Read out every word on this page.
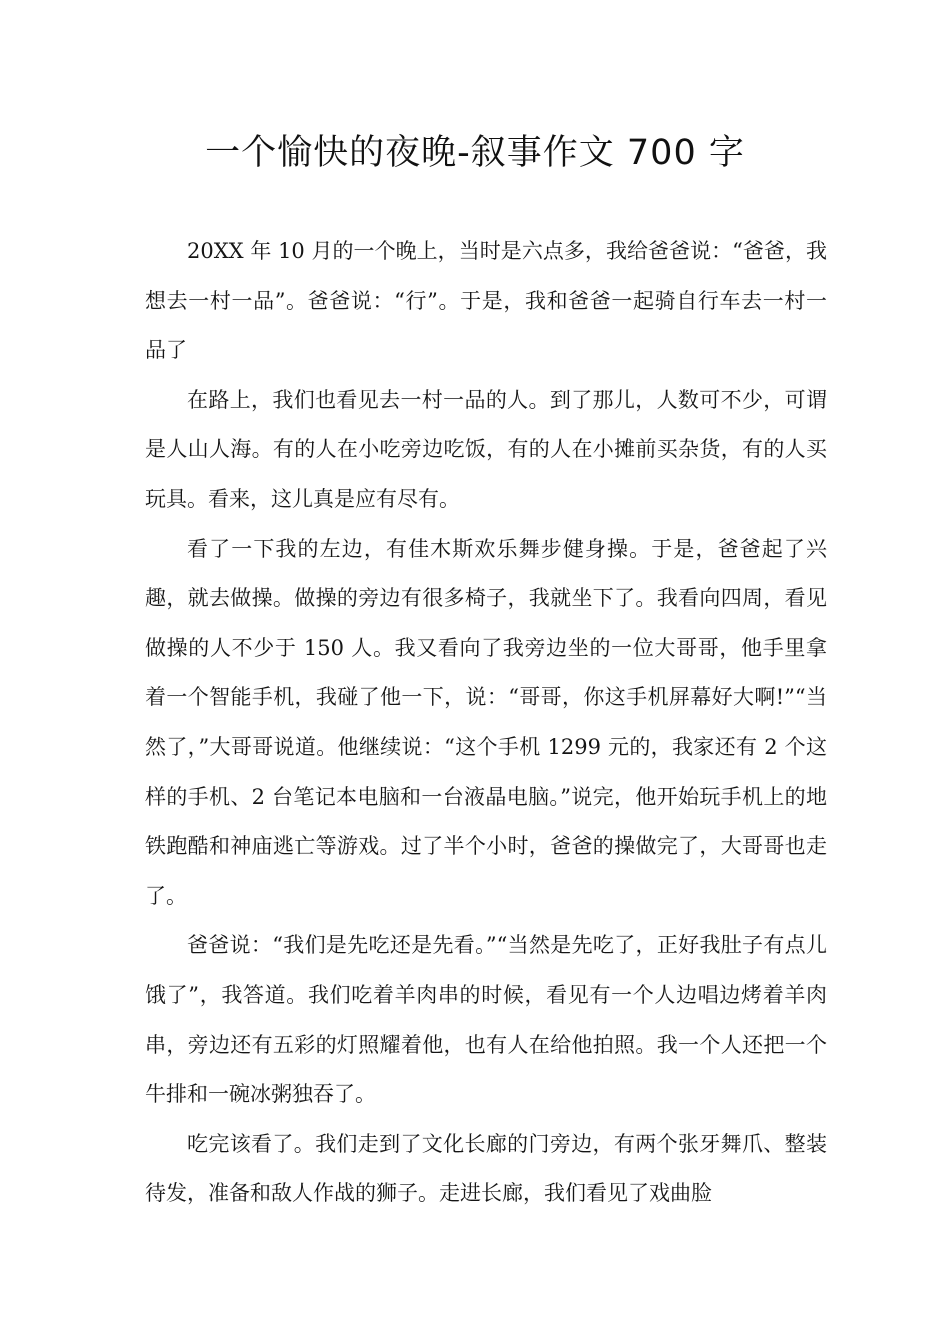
一个愉快的夜晚-叙事作文 700 字

20XX 年 10 月的一个晚上，当时是六点多，我给爸爸说：“爸爸，我想去一村一品”。爸爸说：“行”。于是，我和爸爸一起骑自行车去一村一品了

在路上，我们也看见去一村一品的人。到了那儿，人数可不少，可谓是人山人海。有的人在小吃旁边吃饭，有的人在小摊前买杂货，有的人买玩具。看来，这儿真是应有尽有。

看了一下我的左边，有佳木斯欢乐舞步健身操。于是，爸爸起了兴趣，就去做操。做操的旁边有很多椅子，我就坐下了。我看向四周，看见做操的人不少于 150 人。我又看向了我旁边坐的一位大哥哥，他手里拿着一个智能手机，我碰了他一下，说：“哥哥，你这手机屏幕好大啊!”“当然了，”大哥哥说道。他继续说：“这个手机 1299 元的，我家还有 2 个这样的手机、2 台笔记本电脑和一台液晶电脑。”说完，他开始玩手机上的地铁跑酷和神庙逃亡等游戏。过了半个小时，爸爸的操做完了，大哥哥也走了。

爸爸说：“我们是先吃还是先看。”“当然是先吃了，正好我肚子有点儿饿了”，我答道。我们吃着羊肉串的时候，看见有一个人边唱边烤着羊肉串，旁边还有五彩的灯照耀着他，也有人在给他拍照。我一个人还把一个牛排和一碗冰粥独吞了。

吃完该看了。我们走到了文化长廊的门旁边，有两个张牙舞爪、整装待发，准备和敌人作战的狮子。走进长廊，我们看见了戏曲脸
